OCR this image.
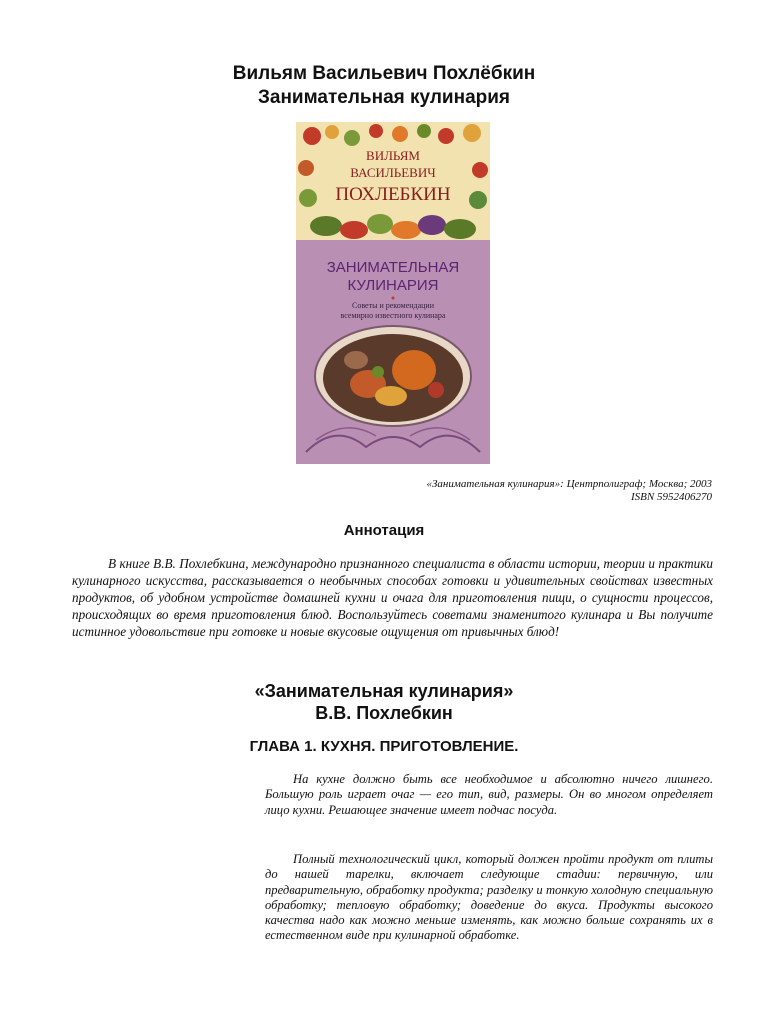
Вильям Васильевич Похлёбкин
Занимательная кулинария
ВИЛЬЯМ
ВАСИЛЬЕВИЧ
ПОХЛЕБКИН
ЗАНИМАТЕЛЬНАЯ
КУЛИНАРИЯ
Советы и рекомендации
всемирно известного кулинара
«Занимательная кулинария»: Центрполиграф; Москва; 2003
ISBN 5952406270
Аннотация

В книге В.В. Похлебкина, международно признанного специалиста в области истории, теории и практики кулинарного искусства, рассказывается о необычных способах готовки и удивительных свойствах известных продуктов, об удобном устройстве домашней кухни и очага для приготовления пищи, о сущности процессов, происходящих во время приготовления блюд. Воспользуйтесь советами знаменитого кулинара и Вы получите истинное удовольствие при готовке и новые вкусовые ощущения от привычных блюд!

«Занимательная кулинария»
В.В. Похлебкин
ГЛАВА 1. КУХНЯ. ПРИГОТОВЛЕНИЕ.

На кухне должно быть все необходимое и абсолютно ничего лишнего. Большую роль играет очаг — его тип, вид, размеры. Он во многом определяет лицо кухни. Решающее значение имеет подчас посуда.

Полный технологический цикл, который должен пройти продукт от плиты до нашей тарелки, включает следующие стадии: первичную, или предварительную, обработку продукта; разделку и тонкую холодную специальную обработку; тепловую обработку; доведение до вкуса. Продукты высокого качества надо как можно меньше изменять, как можно больше сохранять их в естественном виде при кулинарной обработке.
